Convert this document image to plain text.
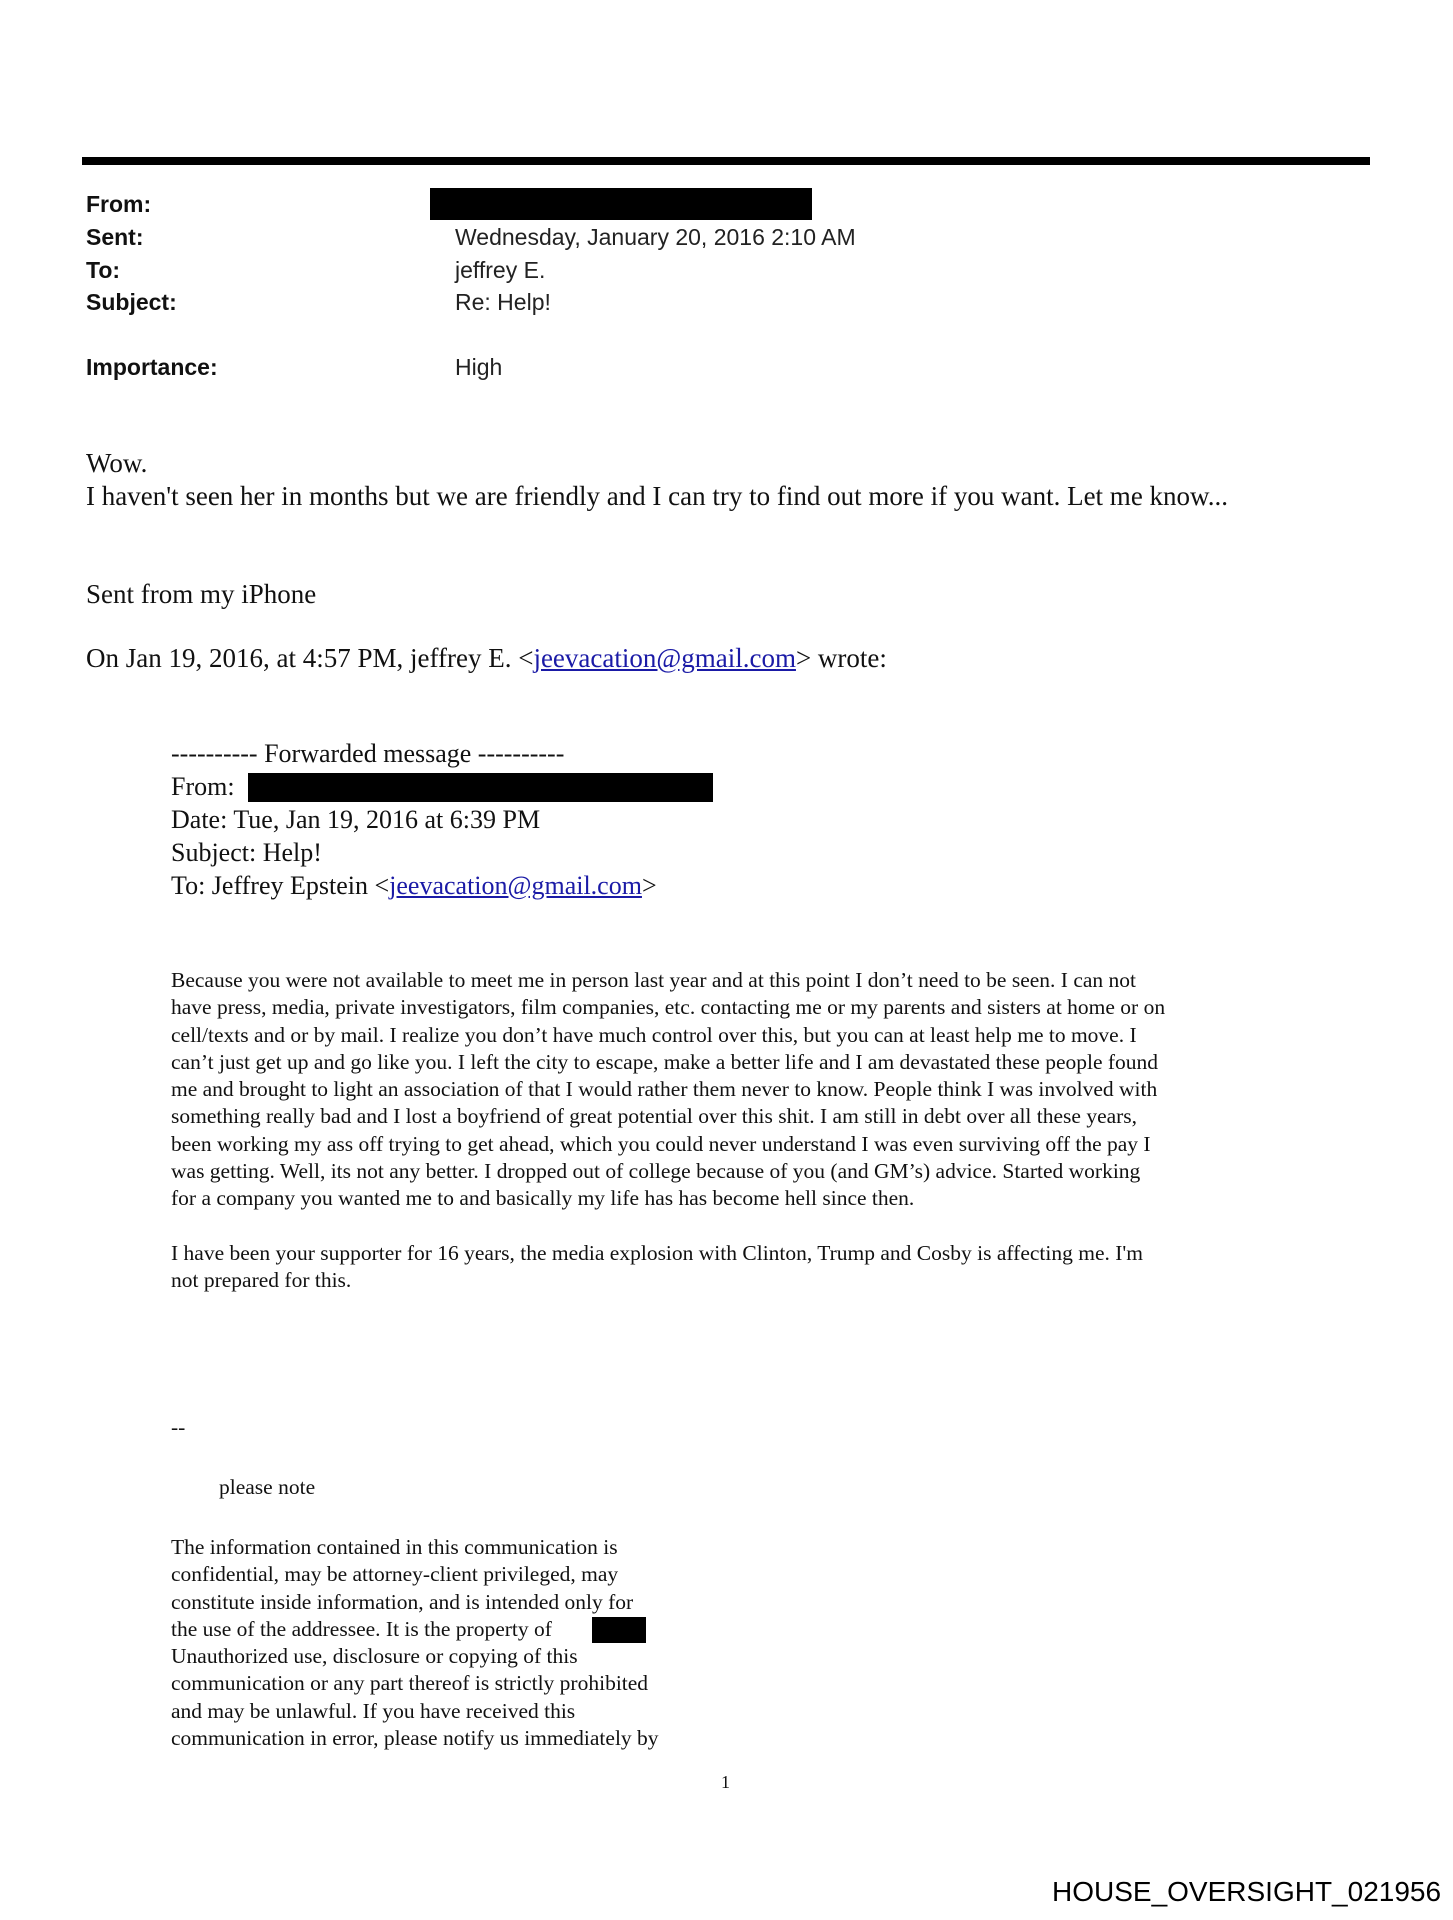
From:
Sent:	Wednesday, January 20, 2016 2:10 AM
To:	jeffrey E.
Subject:	Re: Help!
Importance:	High
Wow.
I haven't seen her in months but we are friendly and I can try to find out more if you want. Let me know...
Sent from my iPhone
On Jan 19, 2016, at 4:57 PM, jeffrey E. <jeevacation@gmail.com> wrote:
---------- Forwarded message ----------
From:
Date: Tue, Jan 19, 2016 at 6:39 PM
Subject: Help!
To: Jeffrey Epstein <jeevacation@gmail.com>
Because you were not available to meet me in person last year and at this point I don’t need to be seen. I can not
have press, media, private investigators, film companies, etc. contacting me or my parents and sisters at home or on
cell/texts and or by mail. I realize you don’t have much control over this, but you can at least help me to move. I
can’t just get up and go like you. I left the city to escape, make a better life and I am devastated these people found
me and brought to light an association of that I would rather them never to know. People think I was involved with
something really bad and I lost a boyfriend of great potential over this shit. I am still in debt over all these years,
been working my ass off trying to get ahead, which you could never understand I was even surviving off the pay I
was getting. Well, its not any better. I dropped out of college because of you (and GM’s) advice. Started working
for a company you wanted me to and basically my life has has become hell since then.
I have been your supporter for 16 years, the media explosion with Clinton, Trump and Cosby is affecting me. I'm
not prepared for this.
--
please note
The information contained in this communication is
confidential, may be attorney-client privileged, may
constitute inside information, and is intended only for
the use of the addressee. It is the property of
Unauthorized use, disclosure or copying of this
communication or any part thereof is strictly prohibited
and may be unlawful. If you have received this
communication in error, please notify us immediately by
1
HOUSE_OVERSIGHT_021956
